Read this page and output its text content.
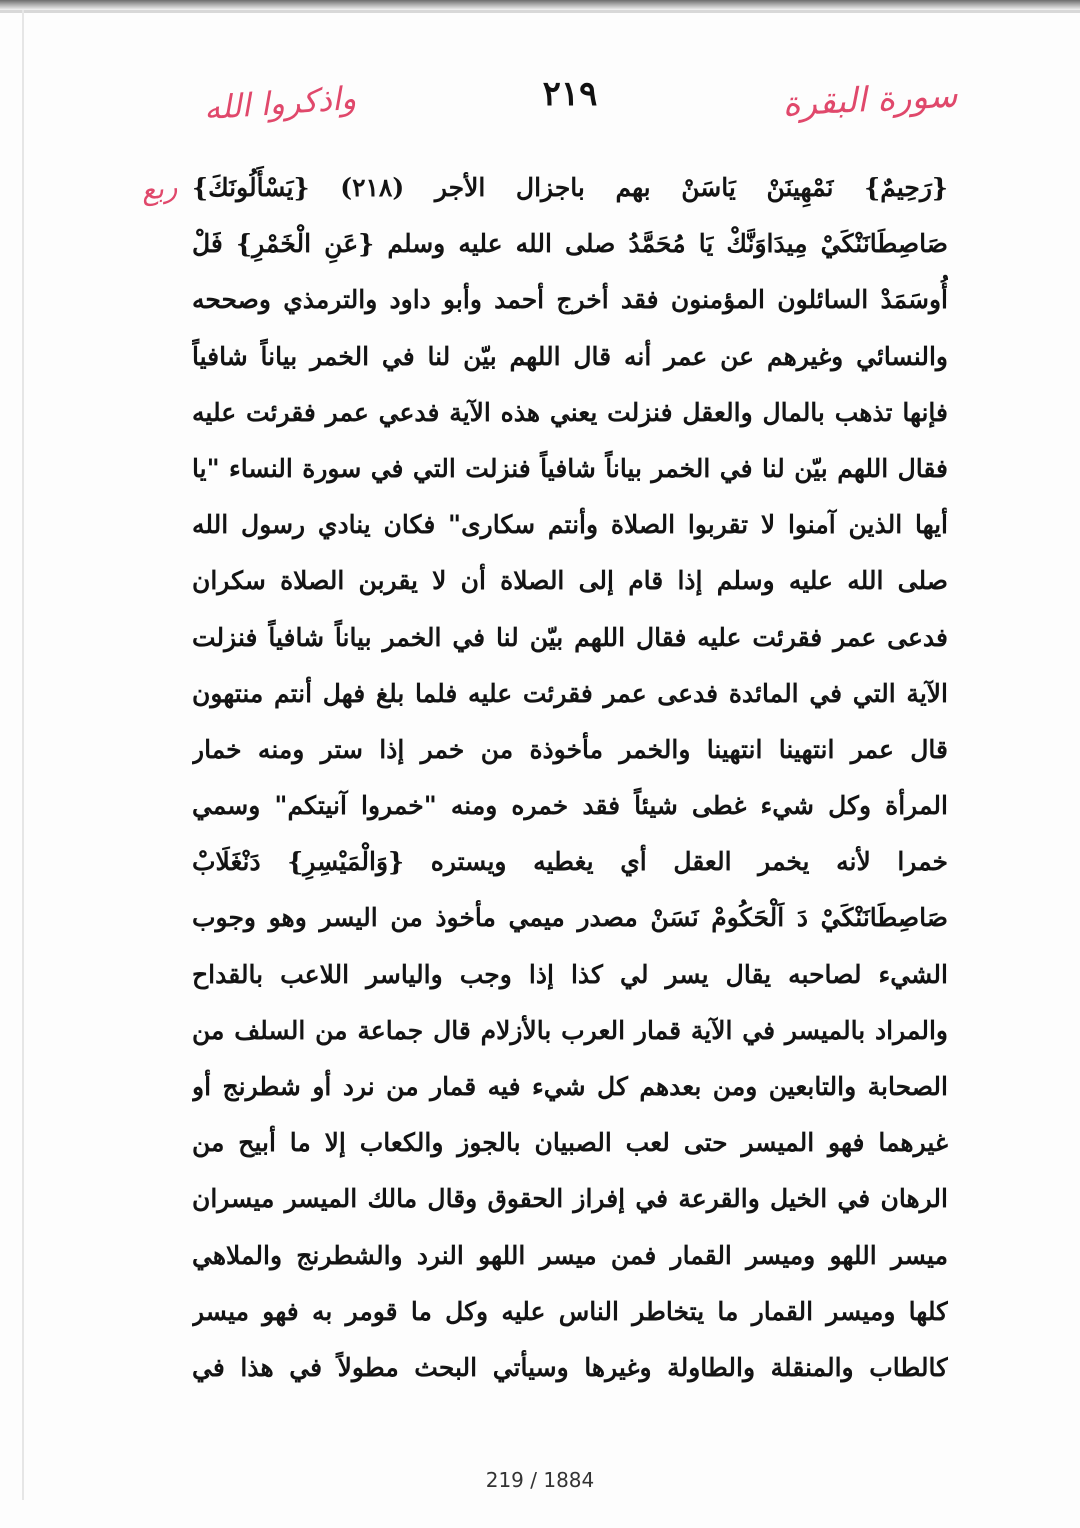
سورة البقرة
٢١٩
واذكروا الله
ربع {رَحِيمٌ} نَمْهِينَنْ يَاسَنْ بهم باجزال الأجر (٢١٨) {يَسْأَلُونَكَ}
صَاصِطَانَنْكَيْ مِيدَاوَنَّكْ يَا مُحَمَّدُ صلى الله عليه وسلم {عَنِ الْخَمْرِ} فَلْ
أُوسَمَدْ السائلون المؤمنون فقد أخرج أحمد وأبو داود والترمذي وصححه
والنسائي وغيرهم عن عمر أنه قال اللهم بيّن لنا في الخمر بياناً شافياً
فإنها تذهب بالمال والعقل فنزلت يعني هذه الآية فدعي عمر فقرئت عليه
فقال اللهم بيّن لنا في الخمر بياناً شافياً فنزلت التي في سورة النساء "يا
أيها الذين آمنوا لا تقربوا الصلاة وأنتم سكارى" فكان ينادي رسول الله
صلى الله عليه وسلم إذا قام إلى الصلاة أن لا يقربن الصلاة سكران
فدعى عمر فقرئت عليه فقال اللهم بيّن لنا في الخمر بياناً شافياً فنزلت
الآية التي في المائدة فدعى عمر فقرئت عليه فلما بلغ فهل أنتم منتهون
قال عمر انتهينا انتهينا والخمر مأخوذة من خمر إذا ستر ومنه خمار
المرأة وكل شيء غطى شيئاً فقد خمره ومنه "خمروا آنيتكم" وسمي
خمرا لأنه يخمر العقل أي يغطيه ويستره {وَالْمَيْسِرِ} دَنْغَلَابْ
صَاصِطَانَنْكَيْ دَ اَلْحَكُومْ نَسَنْ مصدر ميمي مأخوذ من اليسر وهو وجوب
الشيء لصاحبه يقال يسر لي كذا إذا وجب والياسر اللاعب بالقداح
والمراد بالميسر في الآية قمار العرب بالأزلام قال جماعة من السلف من
الصحابة والتابعين ومن بعدهم كل شيء فيه قمار من نرد أو شطرنج أو
غيرهما فهو الميسر حتى لعب الصبيان بالجوز والكعاب إلا ما أبيح من
الرهان في الخيل والقرعة في إفراز الحقوق وقال مالك الميسر ميسران
ميسر اللهو وميسر القمار فمن ميسر اللهو النرد والشطرنج والملاهي
كلها وميسر القمار ما يتخاطر الناس عليه وكل ما قومر به فهو ميسر
كالطاب والمنقلة والطاولة وغيرها وسيأتي البحث مطولاً في هذا في
219 / 1884
